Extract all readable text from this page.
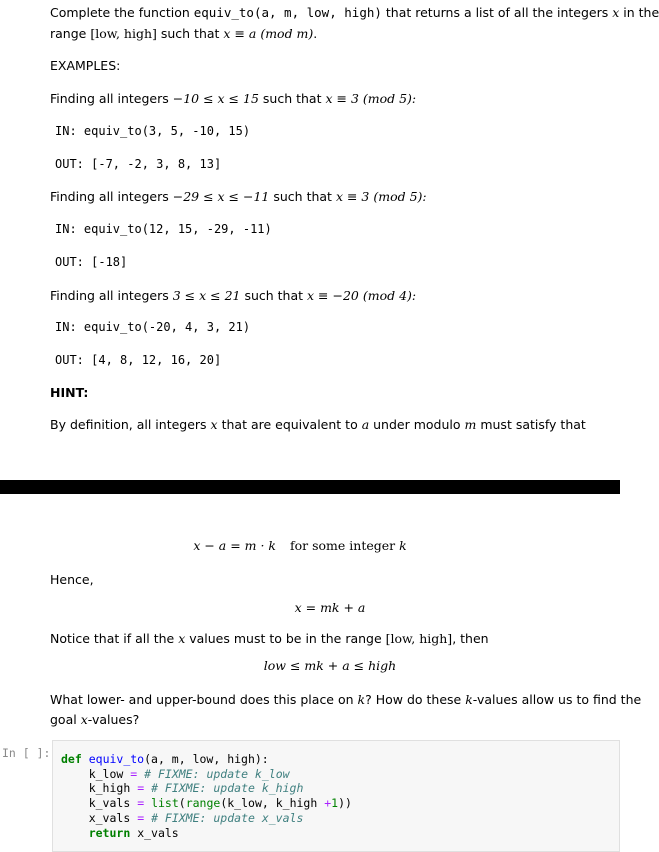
Complete the function equiv_to(a, m, low, high) that returns a list of all the integers x in the

range [low, high] such that x ≡ a (mod m).

EXAMPLES:

Finding all integers −10 ≤ x ≤ 15 such that x ≡ 3 (mod 5):

IN: equiv_to(3, 5, -10, 15)

OUT: [-7, -2, 3, 8, 13]

Finding all integers −29 ≤ x ≤ −11 such that x ≡ 3 (mod 5):

IN: equiv_to(12, 15, -29, -11)

OUT: [-18]

Finding all integers 3 ≤ x ≤ 21 such that x ≡ −20 (mod 4):

IN: equiv_to(-20, 4, 3, 21)

OUT: [4, 8, 12, 16, 20]

HINT:

By definition, all integers x that are equivalent to a under modulo m must satisfy that

x − a = m · k for some integer k

Hence,

x = mk + a

Notice that if all the x values must to be in the range [low, high], then

low ≤ mk + a ≤ high

What lower- and upper-bound does this place on k? How do these k-values allow us to find the

goal x-values?

In [ ]: def equiv_to(a, m, low, high):
k_low = # FIXME: update k_low
k_high = # FIXME: update k_high
k_vals = list(range(k_low, k_high +1))
x_vals = # FIXME: update x_vals
return x_vals
